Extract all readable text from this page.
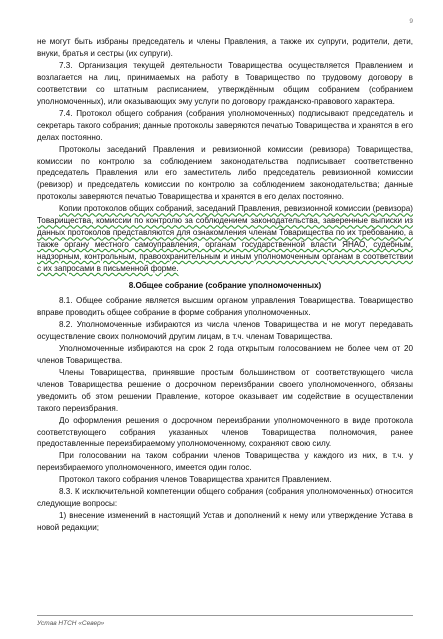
9

не могут быть избраны председатель и члены Правления, а также их супруги, родители, дети, внуки, братья и сестры (их супруги).

7.3. Организация текущей деятельности Товарищества осуществляется Правлением и возлагается на лиц, принимаемых на работу в Товарищество по трудовому договору в соответствии со штатным расписанием, утверждённым общим собранием (собранием уполномоченных), или оказывающих эму услуги по договору гражданско-правового характера.

7.4. Протокол общего собрания (собрания уполномоченных) подписывают председатель и секретарь такого собрания; данные протоколы заверяются печатью Товарищества и хранятся в его делах постоянно.

Протоколы заседаний Правления и ревизионной комиссии (ревизора) Товарищества, комиссии по контролю за соблюдением законодательства подписывает соответственно председатель Правления или его заместитель либо председатель ревизионной комиссии (ревизор) и председатель комиссии по контролю за соблюдением законодательства; данные протоколы заверяются печатью Товарищества и хранятся в его делах постоянно.

Копии протоколов общих собраний, заседаний Правления, ревизионной комиссии (ревизора) Товарищества, комиссии по контролю за соблюдением законодательства, заверенные выписки из данных протоколов представляются для ознакомления членам Товарищества по их требованию, а также органу местного самоуправления, органам государственной власти ЯНАО, судебным, надзорным, контрольным, правоохранительным и иным уполномоченным органам в соответствии с их запросами в письменной форме.

8.Общее собрание (собрание уполномоченных)

8.1. Общее собрание является высшим органом управления Товарищества. Товарищество вправе проводить общее собрание в форме собрания уполномоченных.

8.2. Уполномоченные избираются из числа членов Товарищества и не могут передавать осуществление своих полномочий другим лицам, в т.ч. членам Товарищества.

Уполномоченные избираются на срок 2 года открытым голосованием не более чем от 20 членов Товарищества.

Члены Товарищества, принявшие простым большинством от соответствующего числа членов Товарищества решение о досрочном переизбрании своего уполномоченного, обязаны уведомить об этом решении Правление, которое оказывает им содействие в осуществлении такого переизбрания.

До оформления решения о досрочном переизбрании уполномоченного в виде протокола соответствующего собрания указанных членов Товарищества полномочия, ранее предоставленные переизбираемому уполномоченному, сохраняют свою силу.

При голосовании на таком собрании членов Товарищества у каждого из них, в т.ч. у переизбираемого уполномоченного, имеется один голос.

Протокол такого собрания членов Товарищества хранится Правлением.

8.3. К исключительной компетенции общего собрания (собрания уполномоченных) относится следующие вопросы:

1) внесение изменений в настоящий Устав и дополнений к нему или утверждение Устава в новой редакции;

Устав НТСН «Север»
